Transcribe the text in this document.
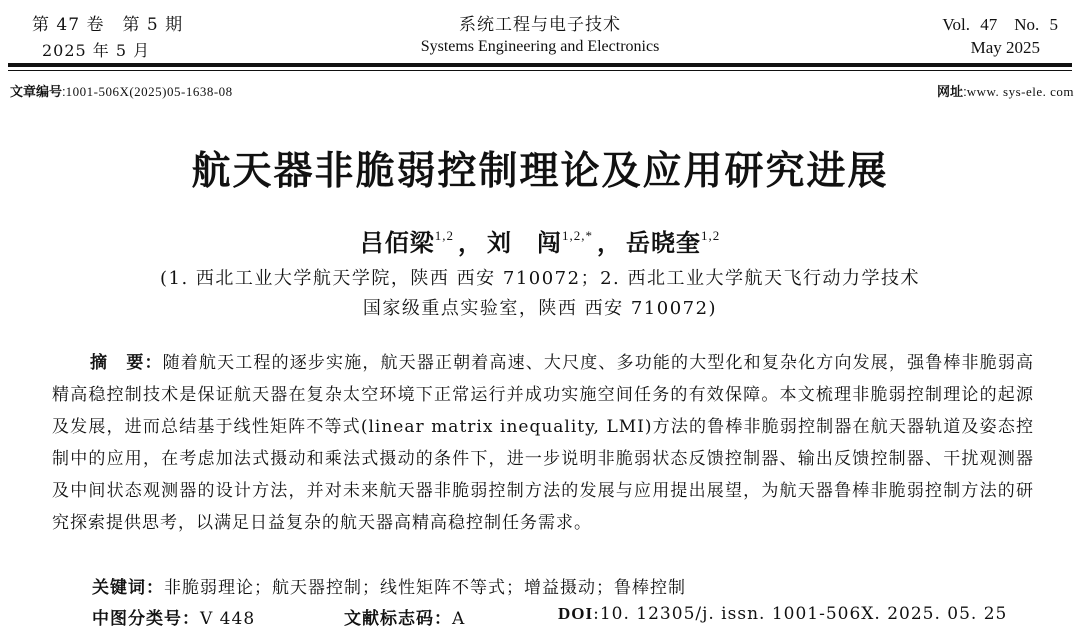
第 47 卷　第 5 期
2025 年 5 月
系统工程与电子技术
Systems Engineering and Electronics
Vol. 47　No. 5
May 2025
文章编号:1001-506X(2025)05-1638-08	网址:www. sys-ele. com
航天器非脆弱控制理论及应用研究进展
吕佰梁$^{1,2}$ ， 刘　闯$^{1,2,*}$ ， 岳晓奎$^{1,2}$
(1. 西北工业大学航天学院，陕西 西安 710072；2. 西北工业大学航天飞行动力学技术
国家级重点实验室，陕西 西安 710072)
摘　要：随着航天工程的逐步实施，航天器正朝着高速、大尺度、多功能的大型化和复杂化方向发展，强鲁棒非脆弱高精高稳控制技术是保证航天器在复杂太空环境下正常运行并成功实施空间任务的有效保障。本文梳理非脆弱控制理论的起源及发展，进而总结基于线性矩阵不等式(linear matrix inequality, LMI)方法的鲁棒非脆弱控制器在航天器轨道及姿态控制中的应用，在考虑加法式摄动和乘法式摄动的条件下，进一步说明非脆弱状态反馈控制器、输出反馈控制器、干扰观测器及中间状态观测器的设计方法，并对未来航天器非脆弱控制方法的发展与应用提出展望，为航天器鲁棒非脆弱控制方法的研究探索提供思考，以满足日益复杂的航天器高精高稳控制任务需求。
关键词：非脆弱理论；航天器控制；线性矩阵不等式；增益摄动；鲁棒控制
中图分类号：V 448	文献标志码：A	DOI:10. 12305/j. issn. 1001-506X. 2025. 05. 25
